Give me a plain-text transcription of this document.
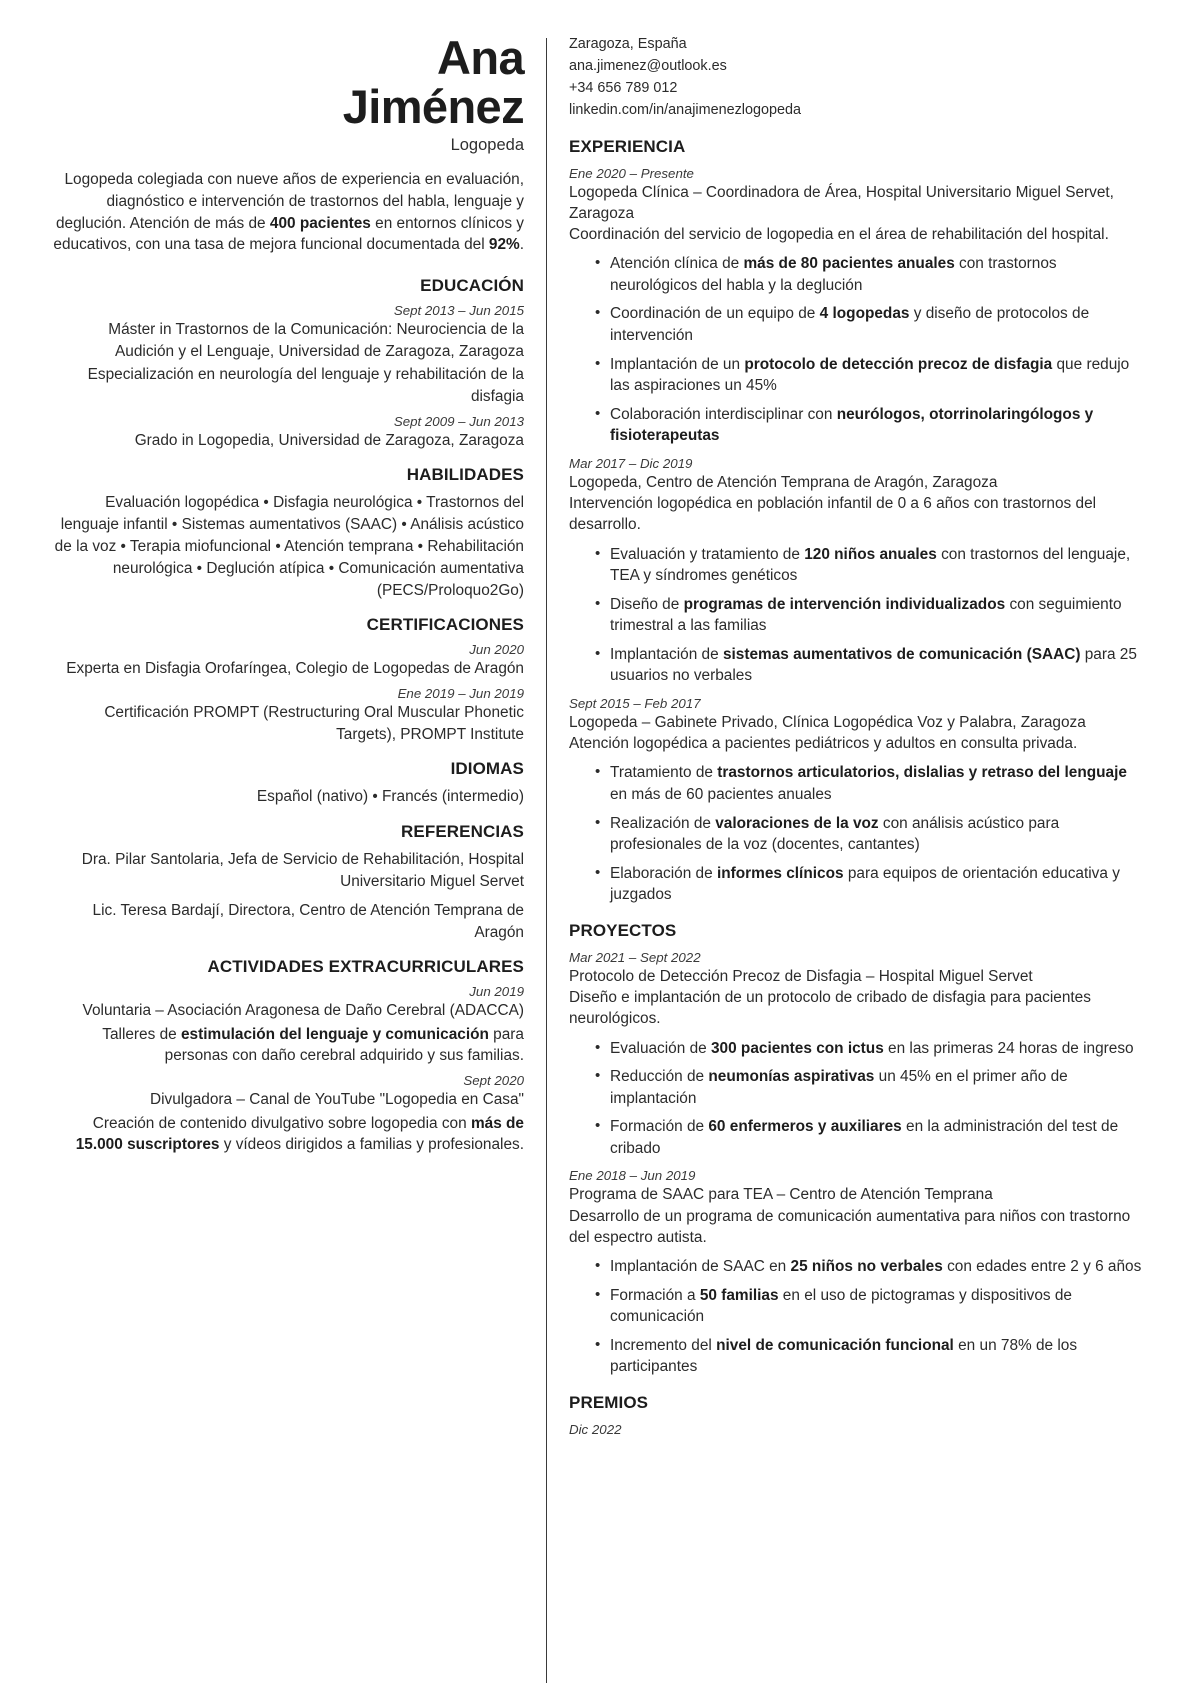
Ana
Jiménez
Logopeda
Logopeda colegiada con nueve años de experiencia en evaluación, diagnóstico e intervención de trastornos del habla, lenguaje y deglución. Atención de más de 400 pacientes en entornos clínicos y educativos, con una tasa de mejora funcional documentada del 92%.
EDUCACIÓN
Sept 2013 – Jun 2015
Máster in Trastornos de la Comunicación: Neurociencia de la Audición y el Lenguaje, Universidad de Zaragoza, Zaragoza
Especialización en neurología del lenguaje y rehabilitación de la disfagia
Sept 2009 – Jun 2013
Grado in Logopedia, Universidad de Zaragoza, Zaragoza
HABILIDADES
Evaluación logopédica • Disfagia neurológica • Trastornos del lenguaje infantil • Sistemas aumentativos (SAAC) • Análisis acústico de la voz • Terapia miofuncional • Atención temprana • Rehabilitación neurológica • Deglución atípica • Comunicación aumentativa (PECS/Proloquo2Go)
CERTIFICACIONES
Jun 2020
Experta en Disfagia Orofaríngea, Colegio de Logopedas de Aragón
Ene 2019 – Jun 2019
Certificación PROMPT (Restructuring Oral Muscular Phonetic Targets), PROMPT Institute
IDIOMAS
Español (nativo) • Francés (intermedio)
REFERENCIAS
Dra. Pilar Santolaria, Jefa de Servicio de Rehabilitación, Hospital Universitario Miguel Servet
Lic. Teresa Bardají, Directora, Centro de Atención Temprana de Aragón
ACTIVIDADES EXTRACURRICULARES
Jun 2019
Voluntaria – Asociación Aragonesa de Daño Cerebral (ADACCA)
Talleres de estimulación del lenguaje y comunicación para personas con daño cerebral adquirido y sus familias.
Sept 2020
Divulgadora – Canal de YouTube "Logopedia en Casa"
Creación de contenido divulgativo sobre logopedia con más de 15.000 suscriptores y vídeos dirigidos a familias y profesionales.
Zaragoza, España
ana.jimenez@outlook.es
+34 656 789 012
linkedin.com/in/anajimenezlogopeda
EXPERIENCIA
Ene 2020 – Presente
Logopeda Clínica – Coordinadora de Área, Hospital Universitario Miguel Servet, Zaragoza
Coordinación del servicio de logopedia en el área de rehabilitación del hospital.
• Atención clínica de más de 80 pacientes anuales con trastornos neurológicos del habla y la deglución
• Coordinación de un equipo de 4 logopedas y diseño de protocolos de intervención
• Implantación de un protocolo de detección precoz de disfagia que redujo las aspiraciones un 45%
• Colaboración interdisciplinar con neurólogos, otorrinolaringólogos y fisioterapeutas
Mar 2017 – Dic 2019
Logopeda, Centro de Atención Temprana de Aragón, Zaragoza
Intervención logopédica en población infantil de 0 a 6 años con trastornos del desarrollo.
• Evaluación y tratamiento de 120 niños anuales con trastornos del lenguaje, TEA y síndromes genéticos
• Diseño de programas de intervención individualizados con seguimiento trimestral a las familias
• Implantación de sistemas aumentativos de comunicación (SAAC) para 25 usuarios no verbales
Sept 2015 – Feb 2017
Logopeda – Gabinete Privado, Clínica Logopédica Voz y Palabra, Zaragoza
Atención logopédica a pacientes pediátricos y adultos en consulta privada.
• Tratamiento de trastornos articulatorios, dislalias y retraso del lenguaje en más de 60 pacientes anuales
• Realización de valoraciones de la voz con análisis acústico para profesionales de la voz (docentes, cantantes)
• Elaboración de informes clínicos para equipos de orientación educativa y juzgados
PROYECTOS
Mar 2021 – Sept 2022
Protocolo de Detección Precoz de Disfagia – Hospital Miguel Servet
Diseño e implantación de un protocolo de cribado de disfagia para pacientes neurológicos.
• Evaluación de 300 pacientes con ictus en las primeras 24 horas de ingreso
• Reducción de neumonías aspirativas un 45% en el primer año de implantación
• Formación de 60 enfermeros y auxiliares en la administración del test de cribado
Ene 2018 – Jun 2019
Programa de SAAC para TEA – Centro de Atención Temprana
Desarrollo de un programa de comunicación aumentativa para niños con trastorno del espectro autista.
• Implantación de SAAC en 25 niños no verbales con edades entre 2 y 6 años
• Formación a 50 familias en el uso de pictogramas y dispositivos de comunicación
• Incremento del nivel de comunicación funcional en un 78% de los participantes
PREMIOS
Dic 2022
